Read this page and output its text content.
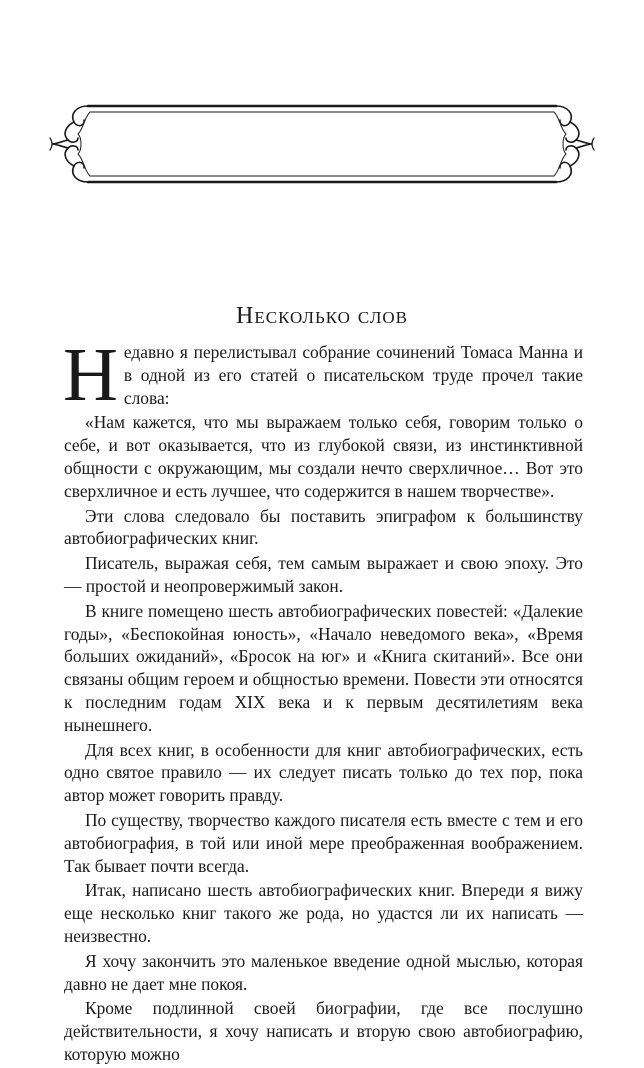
Несколько слов

Недавно я перелистывал собрание сочинений Томаса Манна и в одной из его статей о писательском труде прочел такие слова:

«Нам кажется, что мы выражаем только себя, говорим только о себе, и вот оказывается, что из глубокой связи, из инстинктивной общности с окружающим, мы создали нечто сверхличное… Вот это сверхличное и есть лучшее, что содержится в нашем творчестве».

Эти слова следовало бы поставить эпиграфом к большинству автобиографических книг.

Писатель, выражая себя, тем самым выражает и свою эпоху. Это — простой и неопровержимый закон.

В книге помещено шесть автобиографических повестей: «Далекие годы», «Беспокойная юность», «Начало неведомого века», «Время больших ожиданий», «Бросок на юг» и «Книга скитаний». Все они связаны общим героем и общностью времени. Повести эти относятся к последним годам XIX века и к первым десятилетиям века нынешнего.

Для всех книг, в особенности для книг автобиографических, есть одно святое правило — их следует писать только до тех пор, пока автор может говорить правду.

По существу, творчество каждого писателя есть вместе с тем и его автобиография, в той или иной мере преображенная воображением. Так бывает почти всегда.

Итак, написано шесть автобиографических книг. Впереди я вижу еще несколько книг такого же рода, но удастся ли их написать — неизвестно.

Я хочу закончить это маленькое введение одной мыслью, которая давно не дает мне покоя.

Кроме подлинной своей биографии, где все послушно действительности, я хочу написать и вторую свою автобиографию, которую можно
